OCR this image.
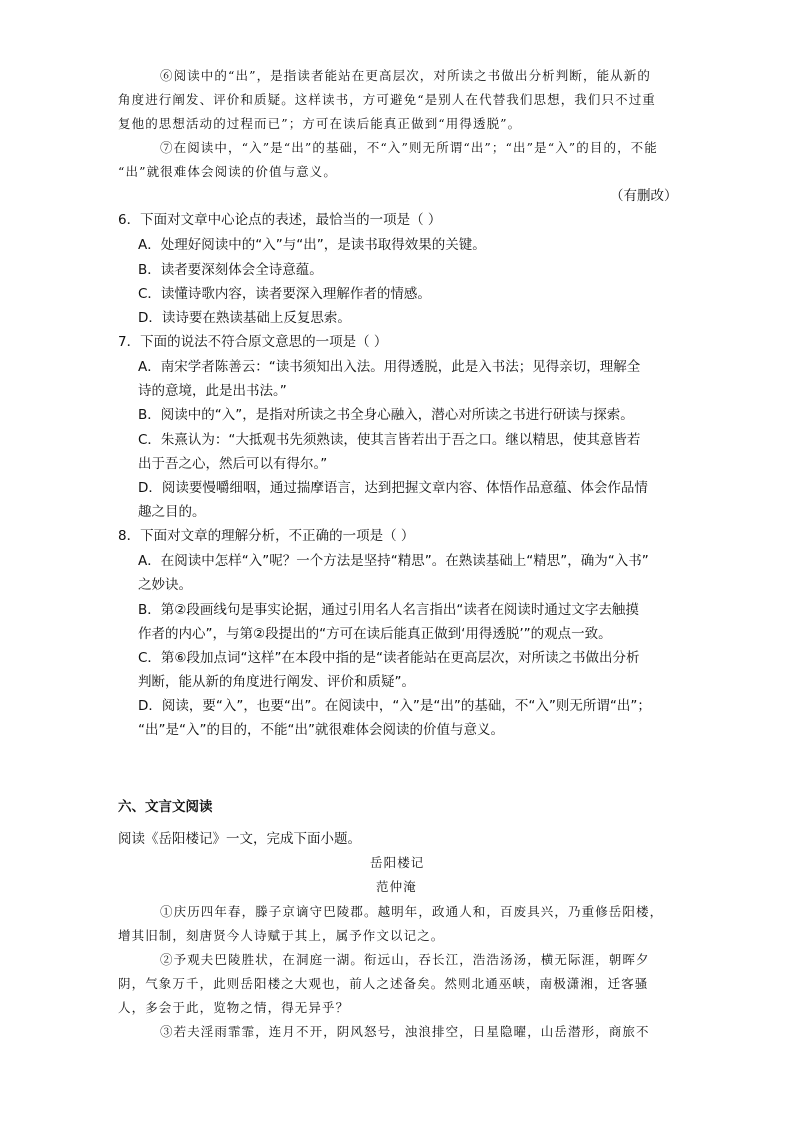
⑥阅读中的“出”，是指读者能站在更高层次，对所读之书做出分析判断，能从新的
角度进行阐发、评价和质疑。这样读书，方可避免“是别人在代替我们思想，我们只不过重
复他的思想活动的过程而已”；方可在读后能真正做到“用得透脱”。
⑦在阅读中，“入”是“出”的基础，不“入”则无所谓“出”；“出”是“入”的目的，不能
“出”就很难体会阅读的价值与意义。
（有删改）
6．下面对文章中心论点的表述，最恰当的一项是（ ）
A．处理好阅读中的“入”与“出”，是读书取得效果的关键。
B．读者要深刻体会全诗意蕴。
C．读懂诗歌内容，读者要深入理解作者的情感。
D．读诗要在熟读基础上反复思索。
7．下面的说法不符合原文意思的一项是（ ）
A．南宋学者陈善云：“读书须知出入法。用得透脱，此是入书法；见得亲切，理解全
诗的意境，此是出书法。”
B．阅读中的“入”，是指对所读之书全身心融入，潜心对所读之书进行研读与探索。
C．朱熹认为：“大抵观书先须熟读，使其言皆若出于吾之口。继以精思，使其意皆若
出于吾之心，然后可以有得尔。”
D．阅读要慢嚼细咽，通过揣摩语言，达到把握文章内容、体悟作品意蕴、体会作品情
趣之目的。
8．下面对文章的理解分析，不正确的一项是（ ）
A．在阅读中怎样“入”呢？一个方法是坚持“精思”。在熟读基础上“精思”，确为“入书”
之妙诀。
B．第②段画线句是事实论据，通过引用名人名言指出“读者在阅读时通过文字去触摸
作者的内心”，与第②段提出的“方可在读后能真正做到‘用得透脱’”的观点一致。
C．第⑥段加点词“这样”在本段中指的是“读者能站在更高层次，对所读之书做出分析
判断，能从新的角度进行阐发、评价和质疑”。
D．阅读，要“入”，也要“出”。在阅读中，“入”是“出”的基础，不“入”则无所谓“出”；
“出”是“入”的目的，不能“出”就很难体会阅读的价值与意义。
六、文言文阅读
阅读《岳阳楼记》一文，完成下面小题。
岳阳楼记
范仲淹
①庆历四年春，滕子京谪守巴陵郡。越明年，政通人和，百废具兴，乃重修岳阳楼，
增其旧制，刻唐贤今人诗赋于其上，属予作文以记之。
②予观夫巴陵胜状，在洞庭一湖。衔远山，吞长江，浩浩汤汤，横无际涯，朝晖夕
阴，气象万千，此则岳阳楼之大观也，前人之述备矣。然则北通巫峡，南极潇湘，迁客骚
人，多会于此，览物之情，得无异乎？
③若夫淫雨霏霏，连月不开，阴风怒号，浊浪排空，日星隐曜，山岳潜形，商旅不
